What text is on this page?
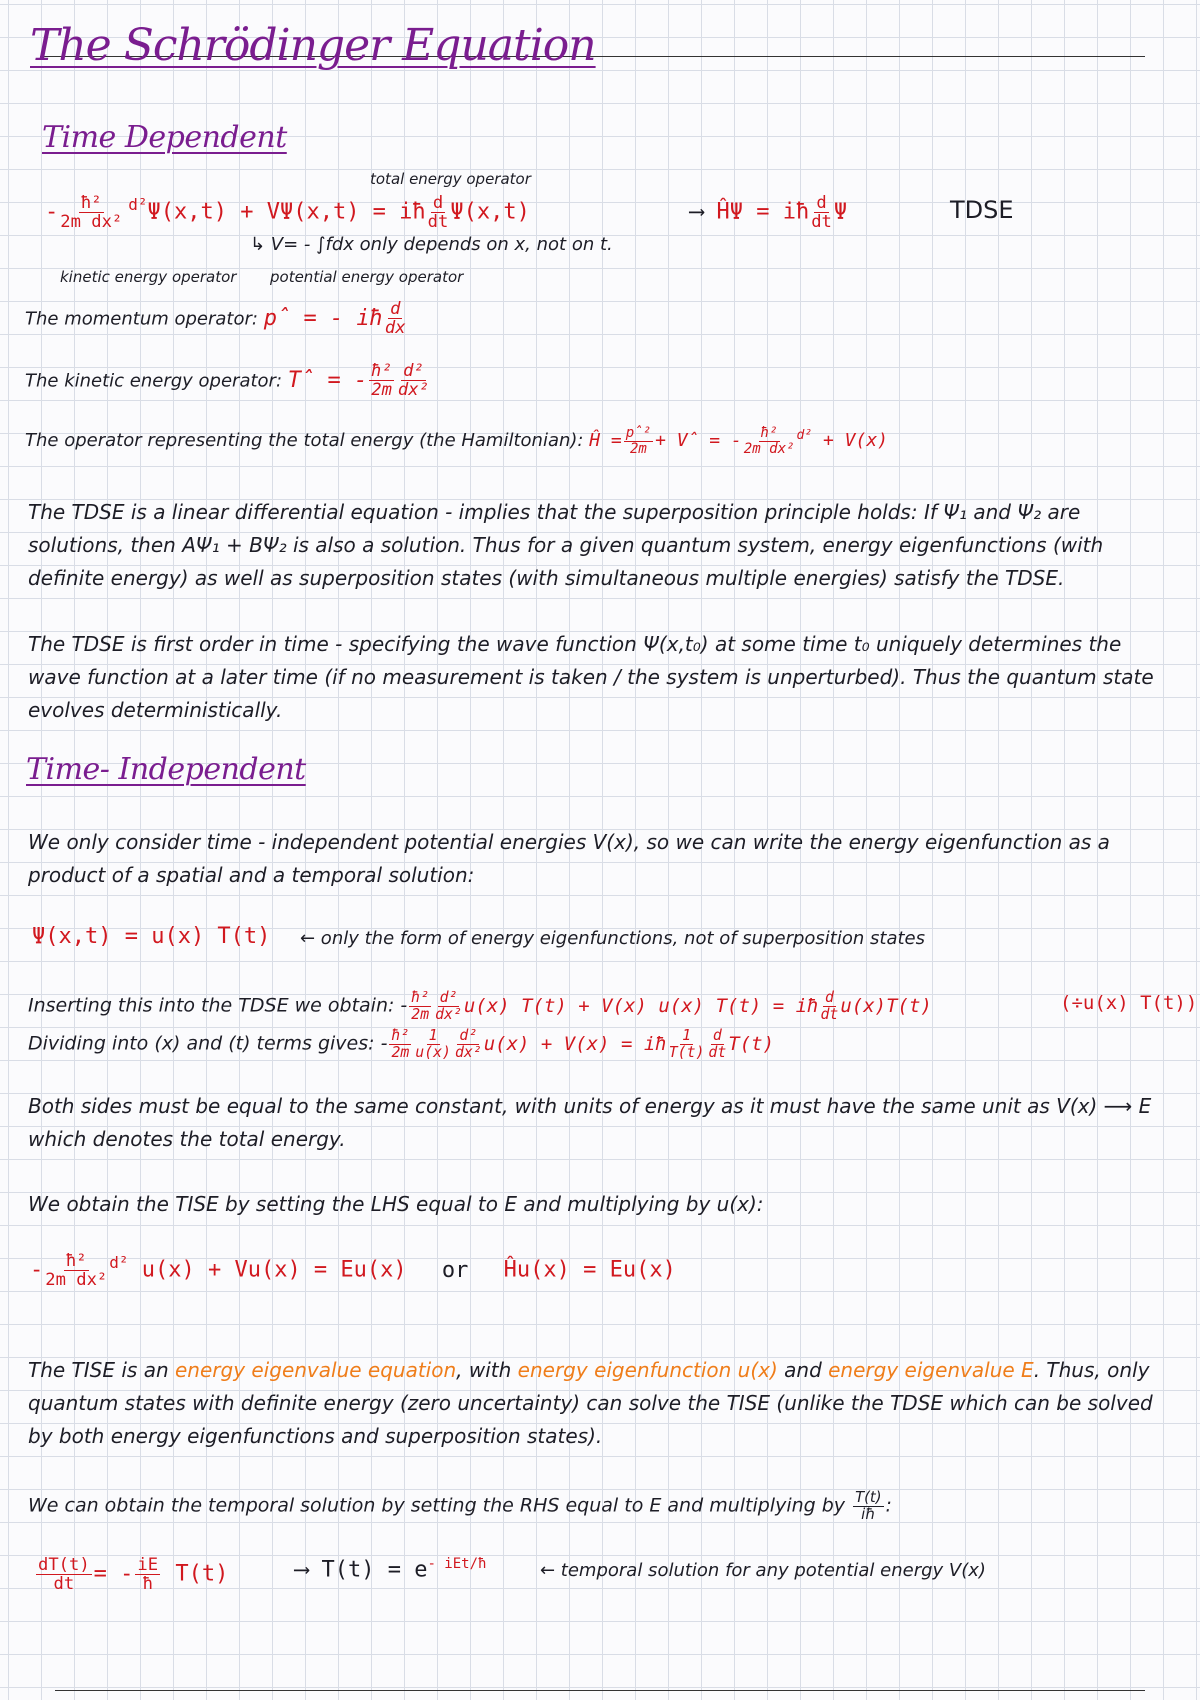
The Schrödinger Equation
Time Dependent
total energy operator
- $\frac{\text{ħ²}}{\text{2m dx²}} ^{d^2}\Psi(x,t) + V\Psi(x,t)$ = iħ $\frac{d}{dt} \Psi(x,t)$	⟶ ĤΨ = iħ $\frac{d}{dt}$ Ψ	TDSE
↳ V= - ∫fdx only depends on x, not on t.
kinetic energy operator potential energy operator
The momentum operator: p̂ = - iħ $\frac{d}{dx}$
The kinetic energy operator: T̂ = - $\frac{\text{ħ²}}{2m} \frac{\text{d²}}{\text{dx²}}$
The operator representing the total energy (the Hamiltonian): Ĥ = $\frac{\text{p̂²}}{2m}$ + V̂ = - $\frac{\text{ħ²}}{\text{2m dx²}} ^{d^2} + V(x)$
The TDSE is a linear differential equation - implies that the superposition principle holds: If Ψ₁ and Ψ₂ are solutions, then AΨ₁ + BΨ₂ is also a solution. Thus for a given quantum system, energy eigenfunctions (with definite energy) as well as superposition states (with simultaneous multiple energies) satisfy the TDSE.
The TDSE is first order in time - specifying the wave function Ψ(x,t₀) at some time t₀ uniquely determines the wave function at a later time (if no measurement is taken / the system is unperturbed). Thus the quantum state evolves deterministically.
Time- Independent
We only consider time - independent potential energies V(x), so we can write the energy eigenfunction as a product of a spatial and a temporal solution:
Ψ(x,t) = u(x) T(t) ← only the form of energy eigenfunctions, not of superposition states
Inserting this into the TDSE we obtain: - $\frac{\text{ħ²}}{2m} \frac{\text{d²}}{\text{dx²}} u(x) T(t) + V(x)$ u(x) T(t) = iħ $\frac{d}{dt} u(x)T(t)$	(÷u(x) T(t))
Dividing into (x) and (t) terms gives: - $\frac{\text{ħ²}}{2m} \frac{1}{u(x)} \frac{\text{d²}}{\text{dx²}} u(x) + V(x)$ = iħ $\frac{1}{T(t)} \frac{d}{dt} T(t)$
Both sides must be equal to the same constant, with units of energy as it must have the same unit as V(x) ⟶ E which denotes the total energy.
We obtain the TISE by setting the LHS equal to E and multiplying by u(x):
- $\frac{\text{ħ²}}{\text{2m dx²}} ^{d^2}$ u(x) + Vu(x) = Eu(x) or Ĥu(x) = Eu(x)
The TISE is an energy eigenvalue equation, with energy eigenfunction u(x) and energy eigenvalue E. Thus, only quantum states with definite energy (zero uncertainty) can solve the TISE (unlike the TDSE which can be solved by both energy eigenfunctions and superposition states).
We can obtain the temporal solution by setting the RHS equal to E and multiplying by $\frac{T(t)}{iħ}$ :
$\frac{dT(t)}{dt}$ = - $\frac{iE}{ħ} T(t)$	⟶ $T(t) = e^{- iEt/ħ}$	← temporal solution for any potential energy V(x)
